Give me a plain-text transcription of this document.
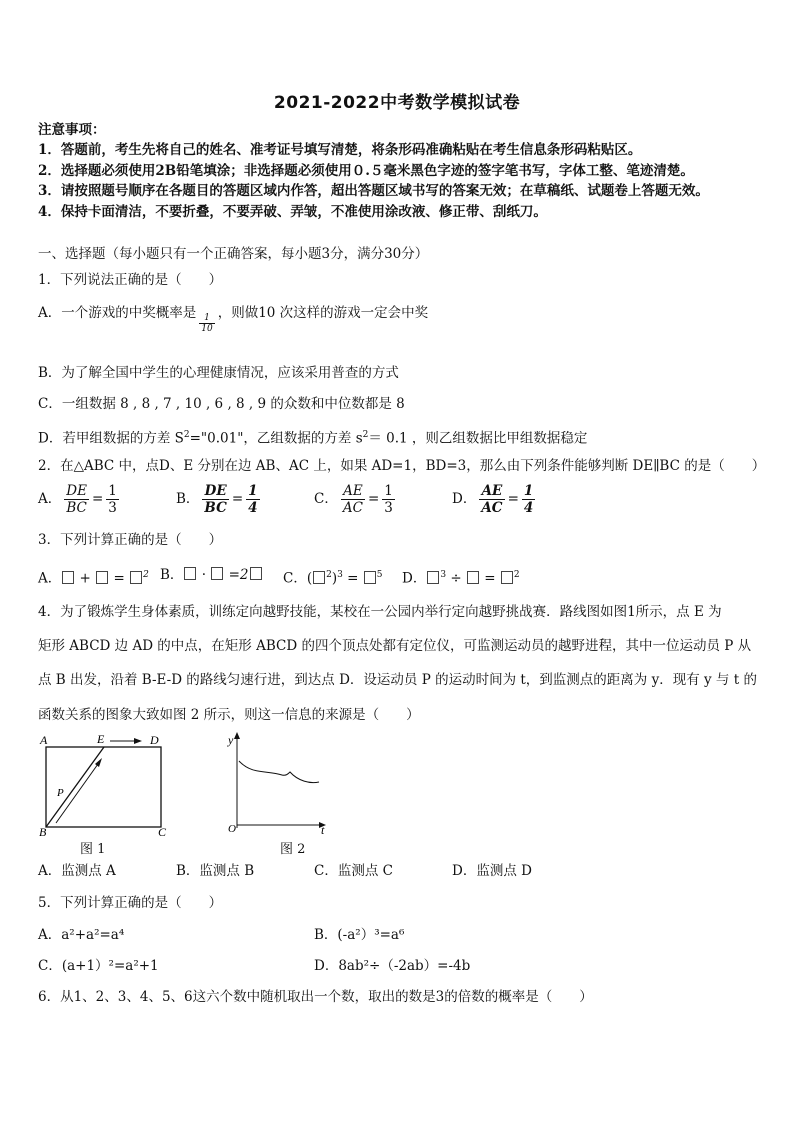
2021-2022中考数学模拟试卷
注意事项：
1．答题前，考生先将自己的姓名、准考证号填写清楚，将条形码准确粘贴在考生信息条形码粘贴区。
2．选择题必须使用2B铅笔填涂；非选择题必须使用０.５毫米黑色字迹的签字笔书写，字体工整、笔迹清楚。
3．请按照题号顺序在各题目的答题区域内作答，超出答题区域书写的答案无效；在草稿纸、试题卷上答题无效。
4．保持卡面清洁，不要折叠，不要弄破、弄皱，不准使用涂改液、修正带、刮纸刀。
一、选择题（每小题只有一个正确答案，每小题3分，满分30分）
1．下列说法正确的是（　　）
A．一个游戏的中奖概率是 $\frac{1}{10}$ ，则做10 次这样的游戏一定会中奖
B．为了解全国中学生的心理健康情况，应该采用普查的方式
C．一组数据 8 , 8 , 7 , 10 , 6 , 8 , 9 的众数和中位数都是 8
D．若甲组数据的方差 $S^2="0.01$"，乙组数据的方差 $s^2= 0.1$ ，则乙组数据比甲组数据稳定
2．在△ABC 中，点D、E 分别在边 AB、AC 上，如果 AD=1，BD=3，那么由下列条件能够判断 DE∥BC 的是（　　）
A． $\frac{DE}{BC} = \frac{1}{3}$	B． $\frac{DE}{BC} = \frac{1}{4}$	C． $\frac{AE}{AC} = \frac{1}{3}$	D． $\frac{AE}{AC} = \frac{1}{4}$
3．下列计算正确的是（　　）
A． + = $^2$ B． · =2	C．( $^2$)$^3$ = $^5$ D． $^3$ ÷ = $^2$
4．为了锻炼学生身体素质，训练定向越野技能，某校在一公园内举行定向越野挑战赛．路线图如图1所示，点 E 为
矩形 ABCD 边 AD 的中点，在矩形 ABCD 的四个顶点处都有定位仪，可监测运动员的越野进程，其中一位运动员 P 从
点 B 出发，沿着 B-E-D 的路线匀速行进，到达点 D．设运动员 P 的运动时间为 t，到监测点的距离为 y．现有 y 与 t 的
函数关系的图象大致如图 2 所示，则这一信息的来源是（　　）
A	E	D
B	C
P
图 1
y
t
O
图 2
A．监测点 A	B．监测点 B	C．监测点 C	D．监测点 D
5．下列计算正确的是（　　）
A．a²+a²=a⁴	B．(-a²）³=a⁶
C．(a+1）²=a²+1	D．8ab²÷（-2ab）=-4b
6．从1、2、3、4、5、6这六个数中随机取出一个数，取出的数是3的倍数的概率是（　　）
